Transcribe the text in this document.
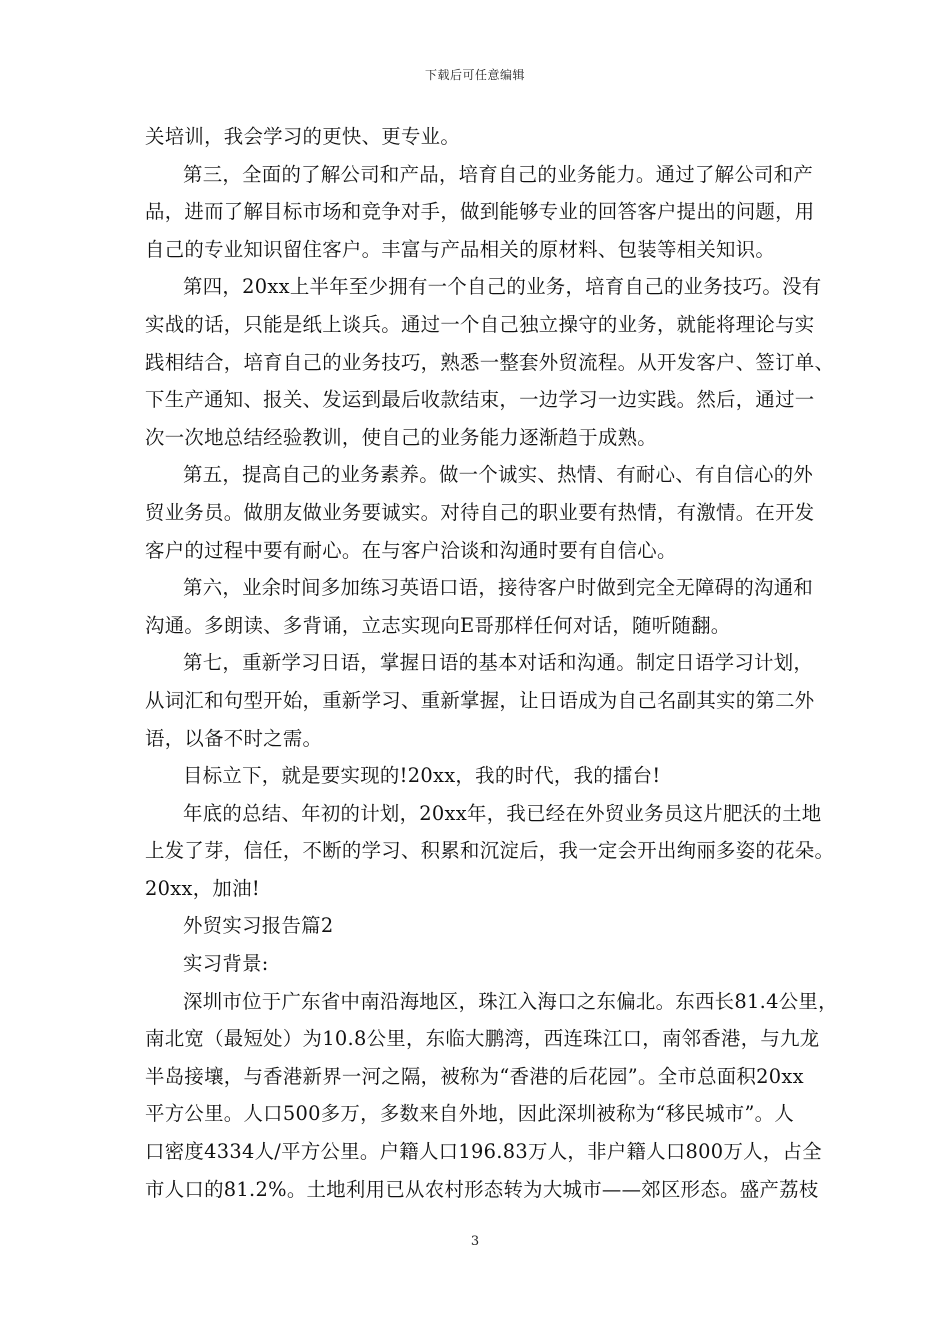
下载后可任意编辑
关培训，我会学习的更快、更专业。
第三，全面的了解公司和产品，培育自己的业务能力。通过了解公司和产
品，进而了解目标市场和竞争对手，做到能够专业的回答客户提出的问题，用
自己的专业知识留住客户。丰富与产品相关的原材料、包装等相关知识。
第四，20xx上半年至少拥有一个自己的业务，培育自己的业务技巧。没有
实战的话，只能是纸上谈兵。通过一个自己独立操守的业务，就能将理论与实
践相结合，培育自己的业务技巧，熟悉一整套外贸流程。从开发客户、签订单、
下生产通知、报关、发运到最后收款结束，一边学习一边实践。然后，通过一
次一次地总结经验教训，使自己的业务能力逐渐趋于成熟。
第五，提高自己的业务素养。做一个诚实、热情、有耐心、有自信心的外
贸业务员。做朋友做业务要诚实。对待自己的职业要有热情，有激情。在开发
客户的过程中要有耐心。在与客户洽谈和沟通时要有自信心。
第六，业余时间多加练习英语口语，接待客户时做到完全无障碍的沟通和
沟通。多朗读、多背诵，立志实现向E哥那样任何对话，随听随翻。
第七，重新学习日语，掌握日语的基本对话和沟通。制定日语学习计划，
从词汇和句型开始，重新学习、重新掌握，让日语成为自己名副其实的第二外
语，以备不时之需。
目标立下，就是要实现的!20xx，我的时代，我的擂台!
年底的总结、年初的计划，20xx年，我已经在外贸业务员这片肥沃的土地
上发了芽，信任，不断的学习、积累和沉淀后，我一定会开出绚丽多姿的花朵。
20xx，加油!
外贸实习报告篇2
实习背景:
深圳市位于广东省中南沿海地区，珠江入海口之东偏北。东西长81.4公里，
南北宽（最短处）为10.8公里，东临大鹏湾，西连珠江口，南邻香港，与九龙
半岛接壤，与香港新界一河之隔，被称为“香港的后花园”。全市总面积20xx
平方公里。人口500多万，多数来自外地，因此深圳被称为“移民城市”。人
口密度4334人/平方公里。户籍人口196.83万人，非户籍人口800万人，占全
市人口的81.2%。土地利用已从农村形态转为大城市——郊区形态。盛产荔枝
3
